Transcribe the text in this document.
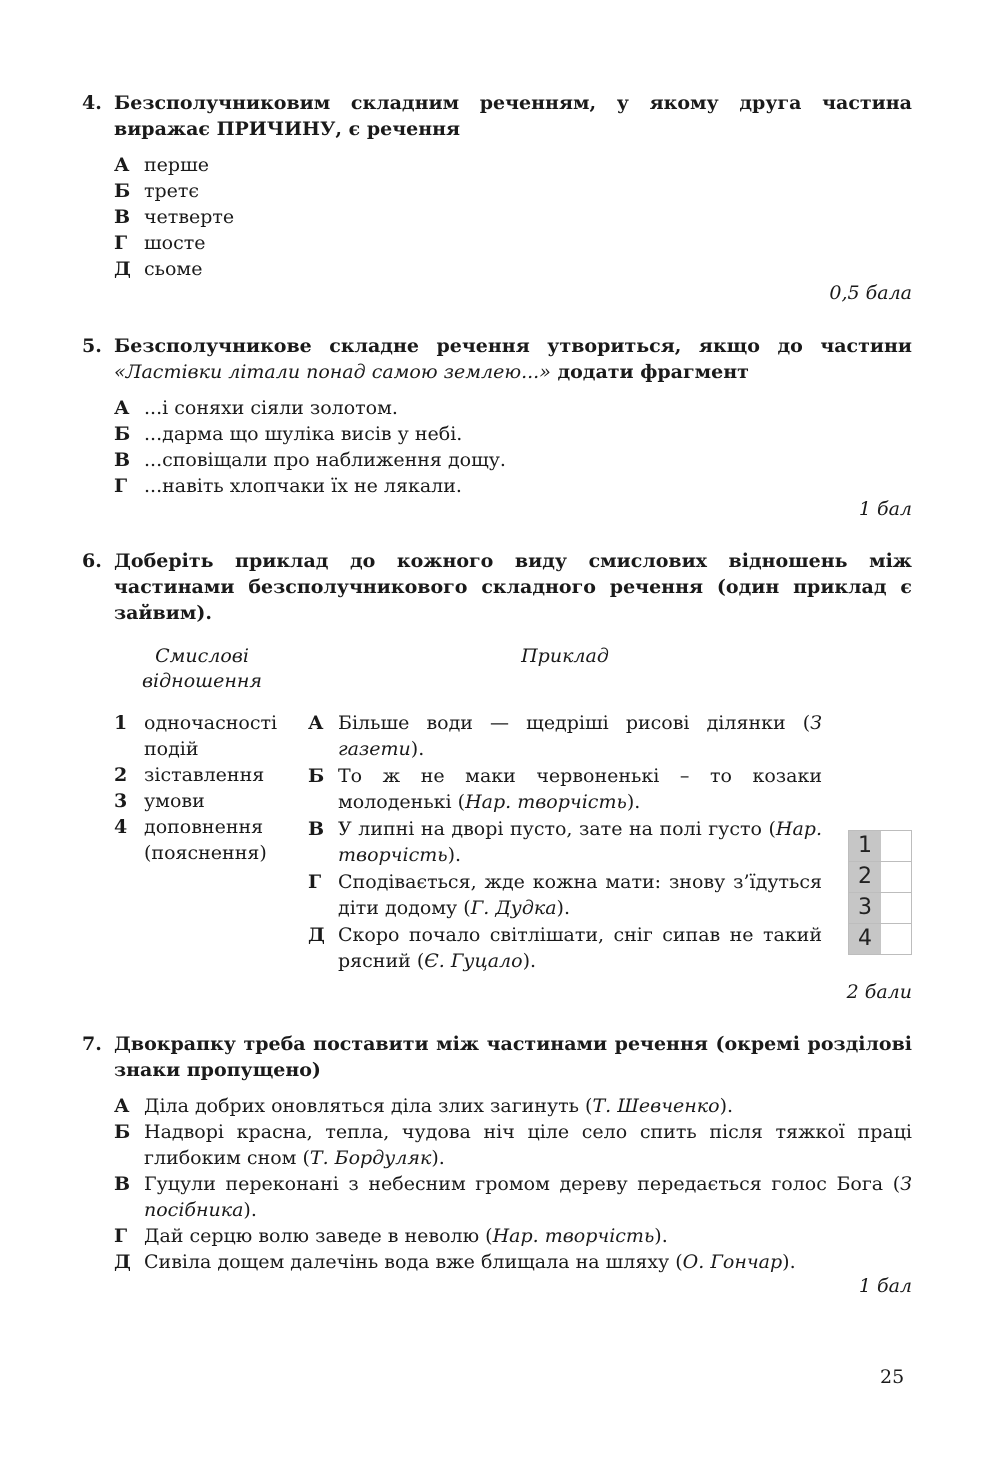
4. Безсполучниковим складним реченням, у якому друга частина виражає ПРИЧИНУ, є речення
А перше
Б третє
В четверте
Г шосте
Д сьоме
0,5 бала
5. Безсполучникове складне речення утвориться, якщо до частини «Ластівки літали понад самою землею...» додати фрагмент
А ...і соняхи сіяли золотом.
Б ...дарма що шуліка висів у небі.
В ...сповіщали про наближення дощу.
Г ...навіть хлопчаки їх не лякали.
1 бал
6. Доберіть приклад до кожного виду смислових відношень між частинами безсполучникового складного речення (один приклад є зайвим).
Смислові
відношення
Приклад
1 одночасності подій
2 зіставлення
3 умови
4 доповнення (пояснення)
А Більше води — щедріші рисові ділянки (З газети).
Б То ж не маки червоненькі – то козаки молоденькі (Нар. творчість).
В У липні на дворі пусто, зате на полі густо (Нар. творчість).
Г Сподівається, жде кожна мати: знову з’їдуться діти додому (Г. Дудка).
Д Скоро почало світлішати, сніг сипав не такий рясний (Є. Гуцало).
1
2
3
4
2 бали
7. Двокрапку треба поставити між частинами речення (окремі розділові знаки пропущено)
А Діла добрих оновляться діла злих загинуть (Т. Шевченко).
Б Надворі красна, тепла, чудова ніч ціле село спить після тяжкої праці глибоким сном (Т. Бордуляк).
В Гуцули переконані з небесним громом дереву передається голос Бога (З посібника).
Г Дай серцю волю заведе в неволю (Нар. творчість).
Д Сивіла дощем далечінь вода вже блищала на шляху (О. Гончар).
1 бал
25
